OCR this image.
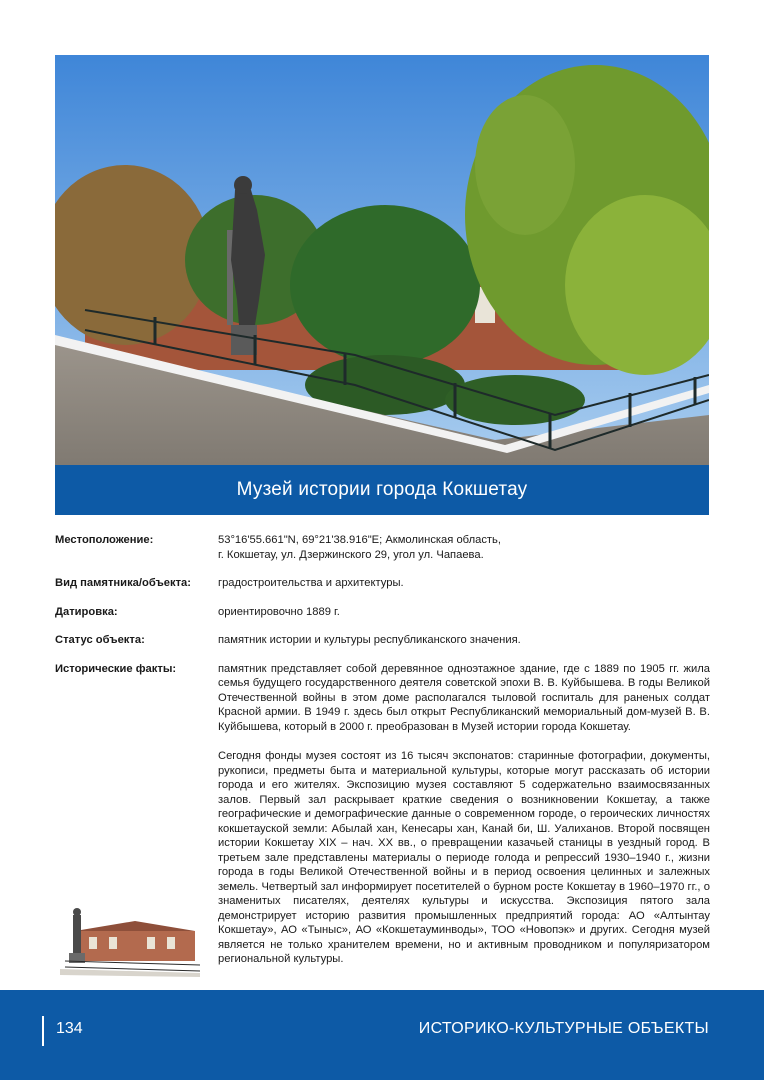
Музей истории города Кокшетау
Местоположение:	53°16'55.661"N, 69°21'38.916"E; Акмолинская область,
г. Кокшетау, ул. Дзержинского 29, угол ул. Чапаева.
Вид памятника/объекта:	градостроительства и архитектуры.
Датировка:	ориентировочно 1889 г.
Статус объекта:	памятник истории и культуры республиканского значения.
Исторические факты:	памятник представляет собой деревянное одноэтажное здание, где с 1889 по 1905 гг. жила семья будущего государственного деятеля советской эпохи В. В. Куйбышева. В годы Великой Отечественной войны в этом доме располагался тыловой госпиталь для раненых солдат Красной армии. В 1949 г. здесь был открыт Республиканский мемориальный дом-музей В. В. Куйбышева, который в 2000 г. преобразован в Музей истории города Кокшетау.

Сегодня фонды музея состоят из 16 тысяч экспонатов: старинные фотографии, документы, рукописи, предметы быта и материальной культуры, которые могут рассказать об истории города и его жителях. Экспозицию музея составляют 5 содержательно взаимосвязанных залов. Первый зал раскрывает краткие сведения о возникновении Кокшетау, а также географические и демографические данные о современном городе, о героических личностях кокшетауской земли: Абылай хан, Кенесары хан, Канай би, Ш. Уалиханов. Второй посвящен истории Кокшетау XIX – нач. XX вв., о превращении казачьей станицы в уездный город. В третьем зале представлены материалы о периоде голода и репрессий 1930–1940 г., жизни города в годы Великой Отечественной войны и в период освоения целинных и залежных земель. Четвертый зал информирует посетителей о бурном росте Кокшетау в 1960–1970 гг., о знаменитых писателях, деятелях культуры и искусства. Экспозиция пятого зала демонстрирует историю развития промышленных предприятий города: АО «Алтынтау Кокшетау», АО «Тыныс», АО «Кокшетауминводы», ТОО «Новопэк» и других. Сегодня музей является не только хранителем времени, но и активным проводником и популяризатором региональной культуры.

134	ИСТОРИКО-КУЛЬТУРНЫЕ ОБЪЕКТЫ
